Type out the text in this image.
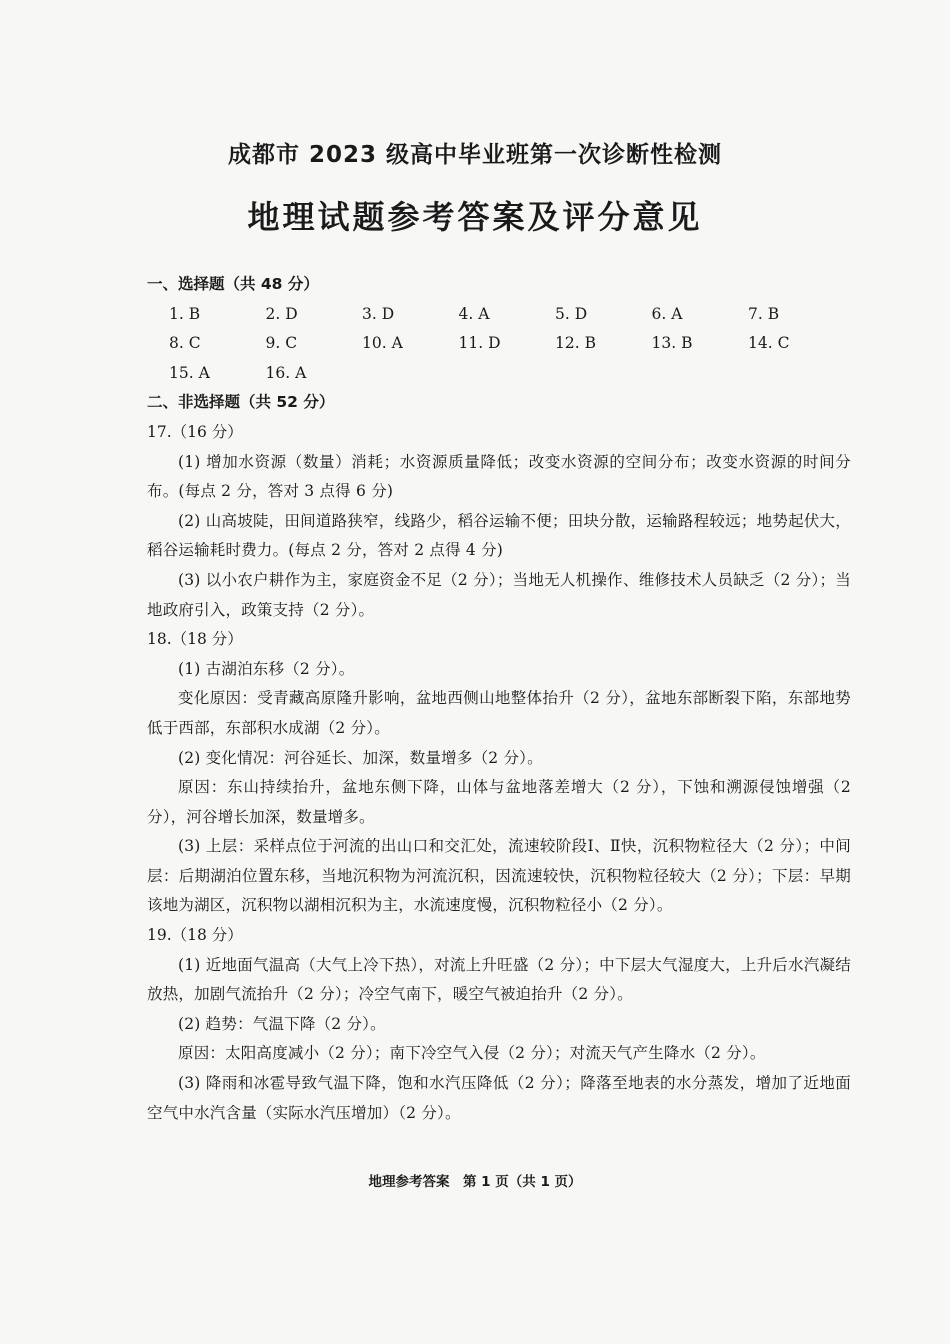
成都市 2023 级高中毕业班第一次诊断性检测
地理试题参考答案及评分意见
一、选择题（共 48 分）
1. B	2. D	3. D	4. A	5. D	6. A	7. B
8. C	9. C	10. A	11. D	12. B	13. B	14. C
15. A	16. A
二、非选择题（共 52 分）
17.（16 分）
(1) 增加水资源（数量）消耗；水资源质量降低；改变水资源的空间分布；改变水资源的时间分布。(每点 2 分，答对 3 点得 6 分)
(2) 山高坡陡，田间道路狭窄，线路少，稻谷运输不便；田块分散，运输路程较远；地势起伏大，稻谷运输耗时费力。(每点 2 分，答对 2 点得 4 分)
(3) 以小农户耕作为主，家庭资金不足（2 分）；当地无人机操作、维修技术人员缺乏（2 分）；当地政府引入，政策支持（2 分）。
18.（18 分）
(1) 古湖泊东移（2 分）。
变化原因：受青藏高原隆升影响，盆地西侧山地整体抬升（2 分），盆地东部断裂下陷，东部地势低于西部，东部积水成湖（2 分）。
(2) 变化情况：河谷延长、加深，数量增多（2 分）。
原因：东山持续抬升，盆地东侧下降，山体与盆地落差增大（2 分），下蚀和溯源侵蚀增强（2 分），河谷增长加深，数量增多。
(3) 上层：采样点位于河流的出山口和交汇处，流速较阶段Ⅰ、Ⅱ快，沉积物粒径大（2 分）；中间层：后期湖泊位置东移，当地沉积物为河流沉积，因流速较快，沉积物粒径较大（2 分）；下层：早期该地为湖区，沉积物以湖相沉积为主，水流速度慢，沉积物粒径小（2 分）。
19.（18 分）
(1) 近地面气温高（大气上冷下热），对流上升旺盛（2 分）；中下层大气湿度大，上升后水汽凝结放热，加剧气流抬升（2 分）；冷空气南下，暖空气被迫抬升（2 分）。
(2) 趋势：气温下降（2 分）。
原因：太阳高度减小（2 分）；南下冷空气入侵（2 分）；对流天气产生降水（2 分）。
(3) 降雨和冰雹导致气温下降，饱和水汽压降低（2 分）；降落至地表的水分蒸发，增加了近地面空气中水汽含量（实际水汽压增加）（2 分）。
地理参考答案　第 1 页（共 1 页）
